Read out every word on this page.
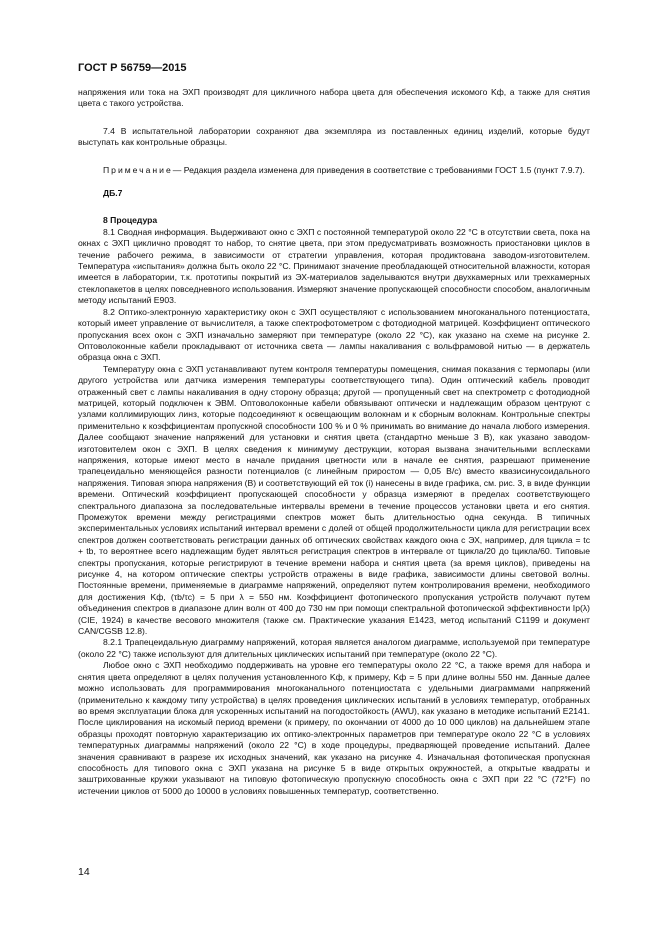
ГОСТ Р 56759—2015

напряжения или тока на ЭХП производят для цикличного набора цвета для обеспечения искомого Kф, а также для снятия цвета с такого устройства.

7.4 В испытательной лаборатории сохраняют два экземпляра из поставленных единиц изделий, которые будут выступать как контрольные образцы.

Примечание— Редакция раздела изменена для приведения в соответствие с требованиями ГОСТ 1.5 (пункт 7.9.7).

ДБ.7

8 Процедура

8.1 Сводная информация. Выдерживают окно с ЭХП с постоянной температурой около 22 °С в отсутствии света, пока на окнах с ЭХП циклично проводят то набор, то снятие цвета, при этом предусматривать возможность приостановки циклов в течение рабочего режима, в зависимости от стратегии управления, которая продиктована заводом-изготовителем. Температура «испытания» должна быть около 22 °С. Принимают значение преобладающей относительной влажности, которая имеется в лаборатории, т.к. прототипы покрытий из ЭХ-материалов заделываются внутри двухкамерных или трехкамерных стеклопакетов в целях повседневного использования. Измеряют значение пропускающей способности способом, аналогичным методу испытаний Е903.

8.2 Оптико-электронную характеристику окон с ЭХП осуществляют с использованием многоканального потенциостата, который имеет управление от вычислителя, а также спектрофотометром с фотодиодной матрицей. Коэффициент оптического пропускания всех окон с ЭХП изначально замеряют при температуре (около 22 °С), как указано на схеме на рисунке 2. Оптоволоконные кабели прокладывают от источника света — лампы накаливания с вольфрамовой нитью — в держатель образца окна с ЭХП.

Температуру окна с ЭХП устанавливают путем контроля температуры помещения, снимая показания с термопары (или другого устройства или датчика измерения температуры соответствующего типа). Один оптический кабель проводит отраженный свет с лампы накаливания в одну сторону образца; другой — пропущенный свет на спектрометр с фотодиодной матрицей, который подключен к ЭВМ. Оптоволоконные кабели обвязывают оптически и надлежащим образом центруют с узлами коллимирующих линз, которые подсоединяют к освещающим волокнам и к сборным волокнам. Контрольные спектры применительно к коэффициентам пропускной способности 100 % и 0 % принимать во внимание до начала любого измерения. Далее сообщают значение напряжений для установки и снятия цвета (стандартно меньше 3 В), как указано заводом-изготовителем окон с ЭХП. В целях сведения к минимуму деструкции, которая вызвана значительными всплесками напряжения, которые имеют место в начале придания цветности или в начале ее снятия, разрешают применение трапецеидально меняющейся разности потенциалов (с линейным приростом — 0,05 В/с) вместо квазисинусоидального напряжения. Типовая эпюра напряжения (В) и соответствующий ей ток (i) нанесены в виде графика, см. рис. 3, в виде функции времени. Оптический коэффициент пропускающей способности у образца измеряют в пределах соответствующего спектрального диапазона за последовательные интервалы времени в течение процессов установки цвета и его снятия. Промежуток времени между регистрациями спектров может быть длительностью одна секунда. В типичных экспериментальных условиях испытаний интервал времени с долей от общей продолжительности цикла для регистрации всех спектров должен соответствовать регистрации данных об оптических свойствах каждого окна с ЭХ, например, для tцикла = tc + tb, то вероятнее всего надлежащим будет являться регистрация спектров в интервале от tцикла/20 до tцикла/60. Типовые спектры пропускания, которые регистрируют в течение времени набора и снятия цвета (за время циклов), приведены на рисунке 4, на котором оптические спектры устройств отражены в виде графика, зависимости длины световой волны. Постоянные времени, применяемые в диаграмме напряжений, определяют путем контролирования времени, необходимого для достижения Kф, (τb/τc) = 5 при λ = 550 нм. Коэффициент фотопического пропускания устройств получают путем объединения спектров в диапазоне длин волн от 400 до 730 нм при помощи спектральной фотопической эффективности Iр(λ) (CIE, 1924) в качестве весового множителя (также см. Практические указания Е1423, метод испытаний С1199 и документ CAN/CGSB 12.8).

8.2.1 Трапецеидальную диаграмму напряжений, которая является аналогом диаграмме, используемой при температуре (около 22 °С) также используют для длительных циклических испытаний при температуре (около 22 °С).

Любое окно с ЭХП необходимо поддерживать на уровне его температуры около 22 °С, а также время для набора и снятия цвета определяют в целях получения установленного Kф, к примеру, Kф = 5 при длине волны 550 нм. Данные далее можно использовать для программирования многоканального потенциостата с удельными диаграммами напряжений (применительно к каждому типу устройства) в целях проведения циклических испытаний в условиях температур, отобранных во время эксплуатации блока для ускоренных испытаний на погодостойкость (AWU), как указано в методике испытаний Е2141. После циклирования на искомый период времени (к примеру, по окончании от 4000 до 10 000 циклов) на дальнейшем этапе образцы проходят повторную характеризацию их оптико-электронных параметров при температуре около 22 °С в условиях температурных диаграммы напряжений (около 22 °С) в ходе процедуры, предваряющей проведение испытаний. Далее значения сравнивают в разрезе их исходных значений, как указано на рисунке 4. Изначальная фотопическая пропускная способность для типового окна с ЭХП указана на рисунке 5 в виде открытых окружностей, а открытые квадраты и заштрихованные кружки указывают на типовую фотопическую пропускную способность окна с ЭХП при 22 °С (72°F) по истечении циклов от 5000 до 10000 в условиях повышенных температур, соответственно.

14
